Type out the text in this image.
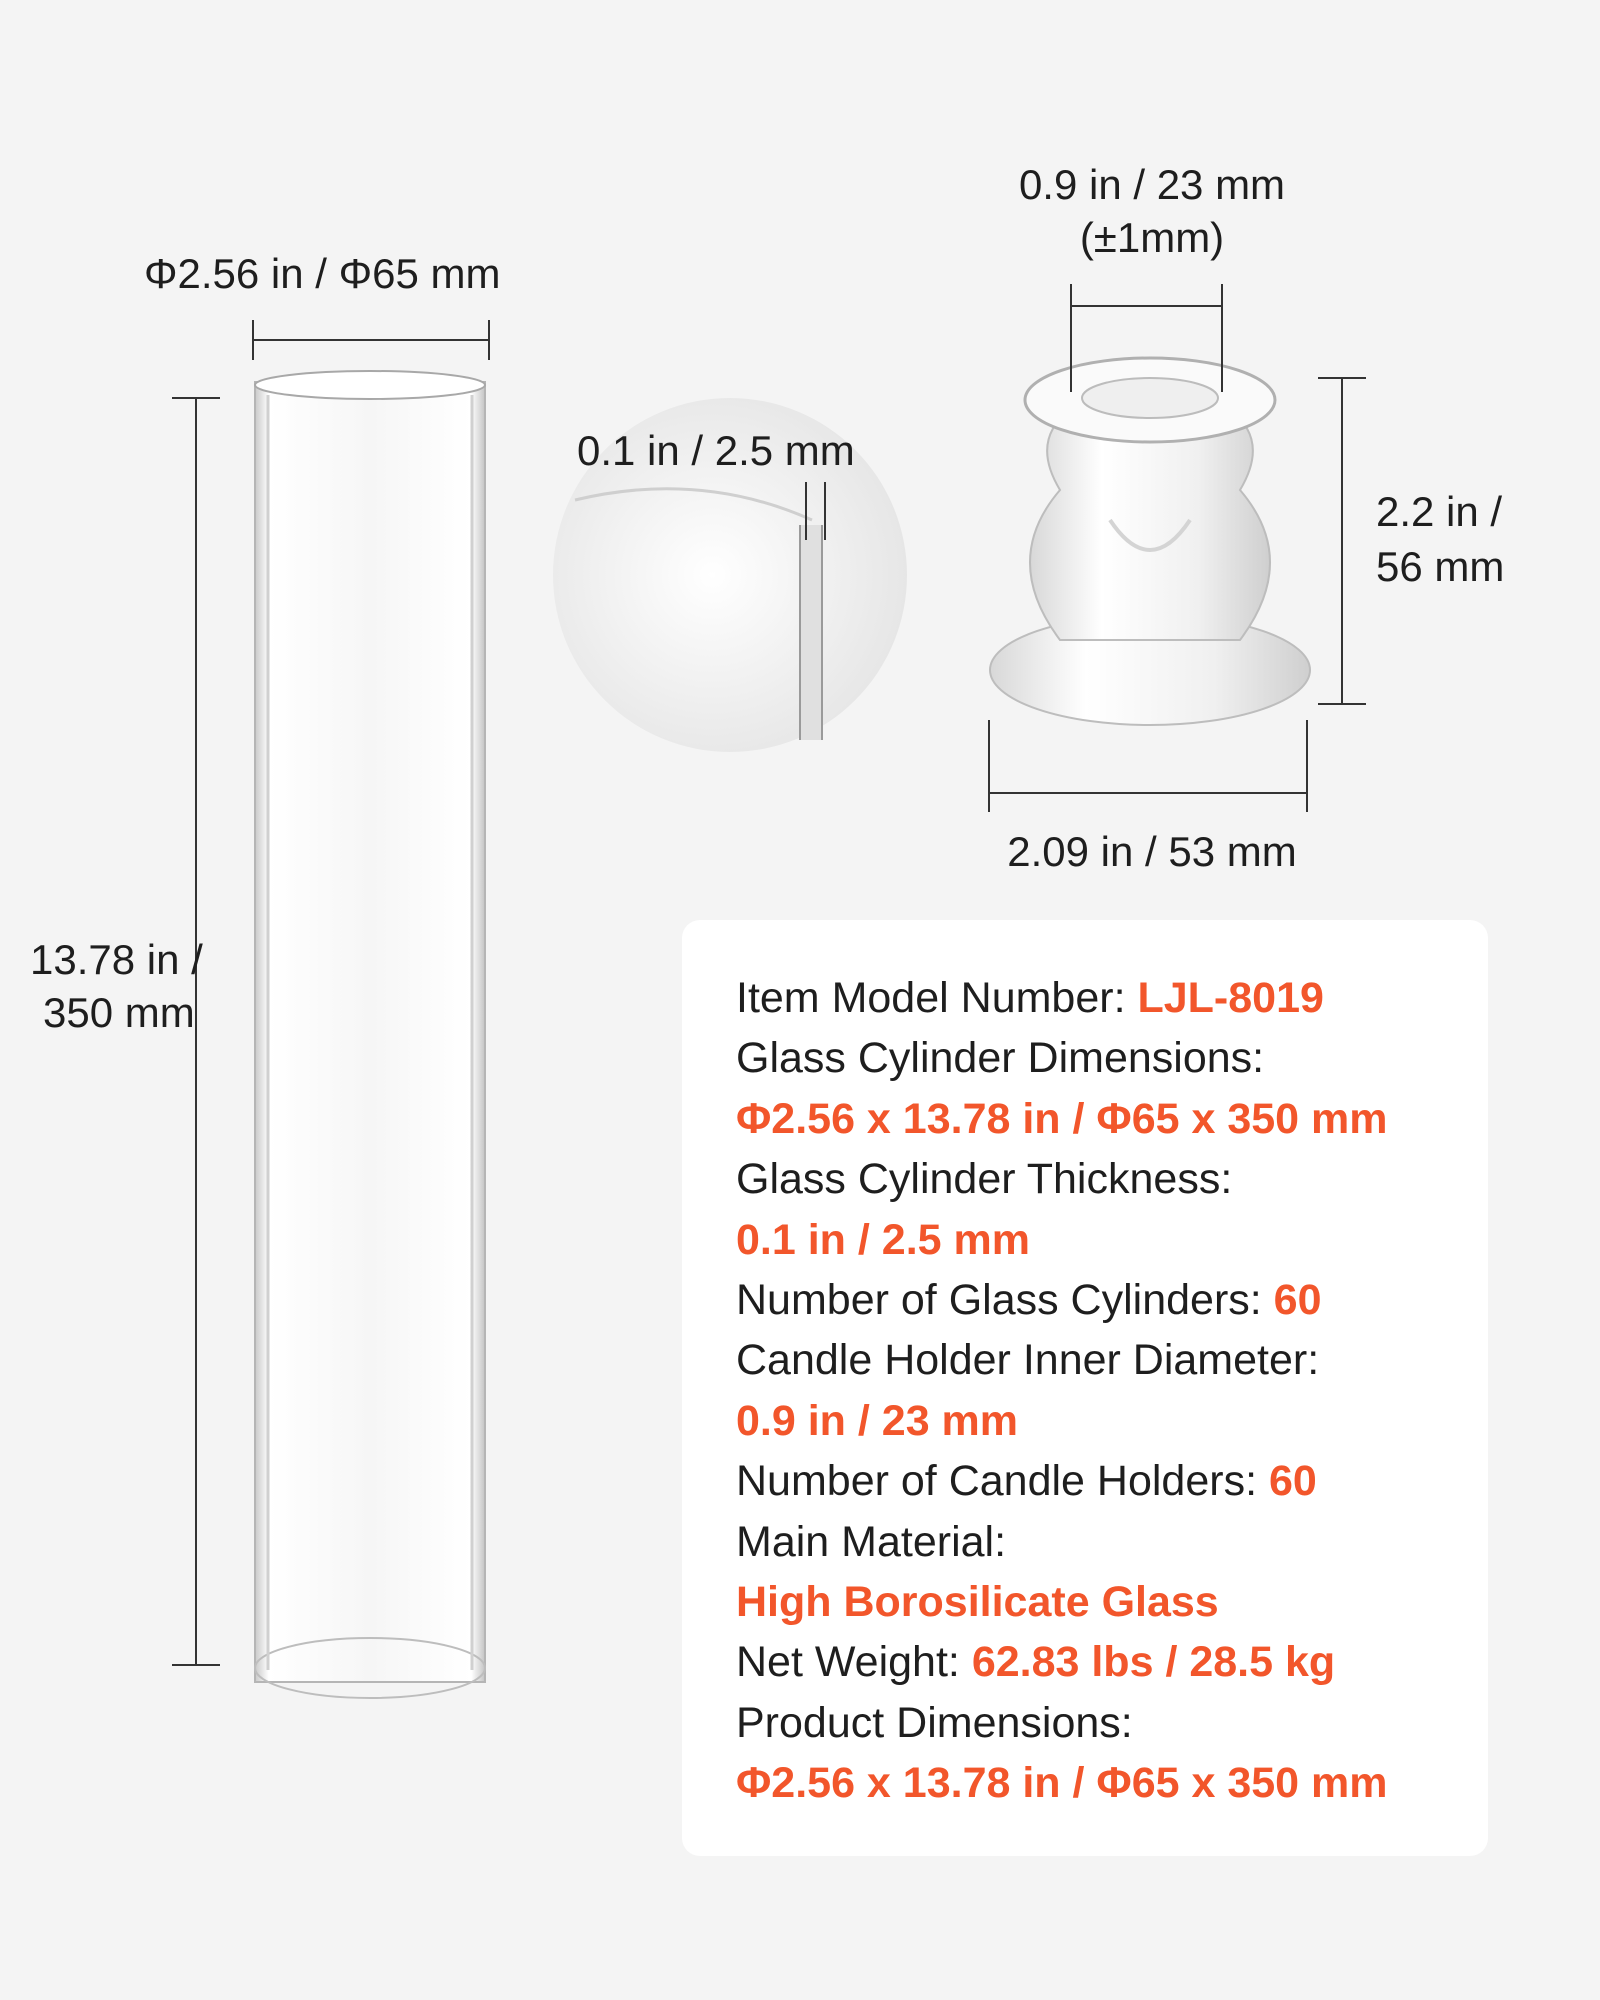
Φ2.56 in / Φ65 mm
13.78 in /
350 mm
0.1 in / 2.5 mm
0.9 in / 23 mm
(±1mm)
2.2 in /
56 mm
2.09 in / 53 mm
Item Model Number: LJL-8019
Glass Cylinder Dimensions:
Φ2.56 x 13.78 in / Φ65 x 350 mm
Glass Cylinder Thickness:
0.1 in / 2.5 mm
Number of Glass Cylinders: 60
Candle Holder Inner Diameter:
0.9 in / 23 mm
Number of Candle Holders: 60
Main Material:
High Borosilicate Glass
Net Weight: 62.83 lbs / 28.5 kg
Product Dimensions:
Φ2.56 x 13.78 in / Φ65 x 350 mm
